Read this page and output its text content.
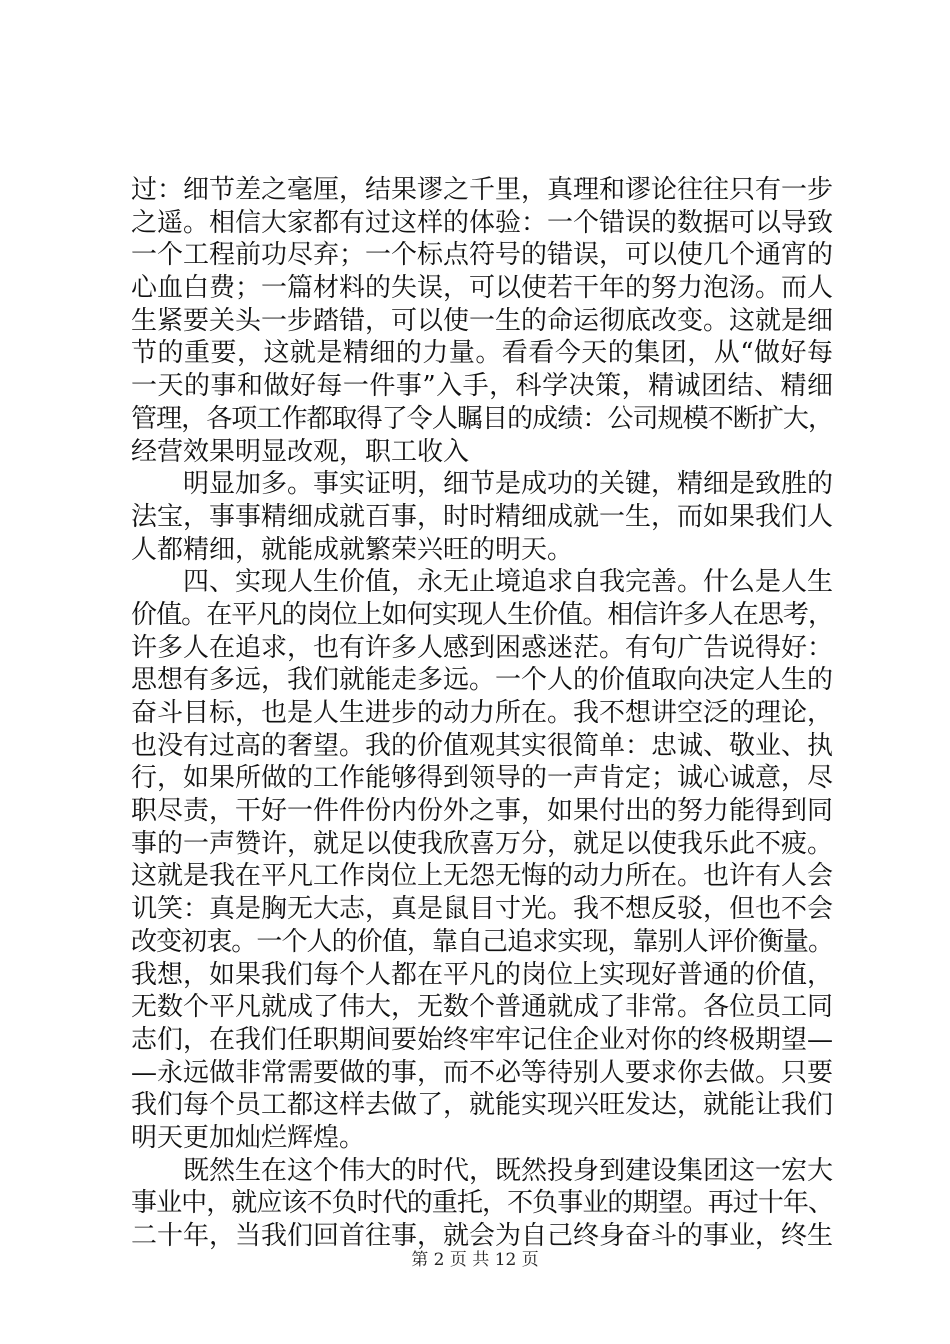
过：细节差之毫厘，结果谬之千里，真理和谬论往往只有一步
之遥。相信大家都有过这样的体验：一个错误的数据可以导致
一个工程前功尽弃；一个标点符号的错误，可以使几个通宵的
心血白费；一篇材料的失误，可以使若干年的努力泡汤。而人
生紧要关头一步踏错，可以使一生的命运彻底改变。这就是细
节的重要，这就是精细的力量。看看今天的集团，从“做好每
一天的事和做好每一件事”入手，科学决策，精诚团结、精细
管理，各项工作都取得了令人瞩目的成绩：公司规模不断扩大，
经营效果明显改观，职工收入
明显加多。事实证明，细节是成功的关键，精细是致胜的
法宝，事事精细成就百事，时时精细成就一生，而如果我们人
人都精细，就能成就繁荣兴旺的明天。
四、实现人生价值，永无止境追求自我完善。什么是人生
价值。在平凡的岗位上如何实现人生价值。相信许多人在思考，
许多人在追求，也有许多人感到困惑迷茫。有句广告说得好：
思想有多远，我们就能走多远。一个人的价值取向决定人生的
奋斗目标，也是人生进步的动力所在。我不想讲空泛的理论，
也没有过高的奢望。我的价值观其实很简单：忠诚、敬业、执
行，如果所做的工作能够得到领导的一声肯定；诚心诚意，尽
职尽责，干好一件件份内份外之事，如果付出的努力能得到同
事的一声赞许，就足以使我欣喜万分，就足以使我乐此不疲。
这就是我在平凡工作岗位上无怨无悔的动力所在。也许有人会
讥笑：真是胸无大志，真是鼠目寸光。我不想反驳，但也不会
改变初衷。一个人的价值，靠自己追求实现，靠别人评价衡量。
我想，如果我们每个人都在平凡的岗位上实现好普通的价值，
无数个平凡就成了伟大，无数个普通就成了非常。各位员工同
志们，在我们任职期间要始终牢牢记住企业对你的终极期望—
—永远做非常需要做的事，而不必等待别人要求你去做。只要
我们每个员工都这样去做了，就能实现兴旺发达，就能让我们
明天更加灿烂辉煌。
既然生在这个伟大的时代，既然投身到建设集团这一宏大
事业中，就应该不负时代的重托，不负事业的期望。再过十年、
二十年，当我们回首往事，就会为自己终身奋斗的事业，终生
第 2 页 共 12 页
